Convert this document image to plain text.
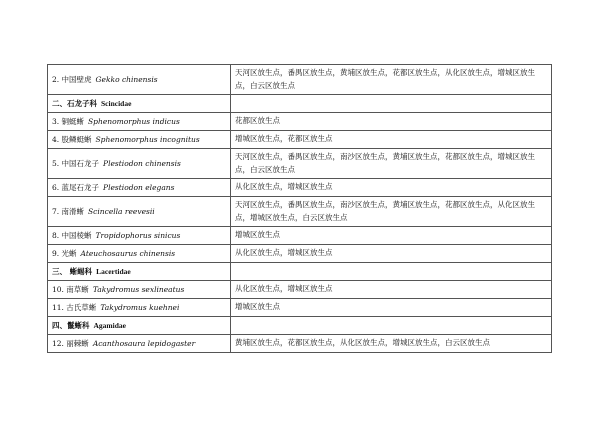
2. 中国壁虎 Gekko chinensis	天河区放生点，番禺区放生点，黄埔区放生点，花都区放生点，从化区放生点，增城区放生点，白云区放生点
二、石龙子科 Scincidae	
3. 铜蜓蜥 Sphenomorphus indicus	花都区放生点
4. 股鳞蜓蜥 Sphenomorphus incognitus	增城区放生点，花都区放生点
5. 中国石龙子 Plestiodon chinensis	天河区放生点，番禺区放生点，南沙区放生点，黄埔区放生点，花都区放生点，增城区放生点，白云区放生点
6. 蓝尾石龙子 Plestiodon elegans	从化区放生点，增城区放生点
7. 南滑蜥 Scincella reevesii	天河区放生点，番禺区放生点，南沙区放生点，黄埔区放生点，花都区放生点，从化区放生点，增城区放生点，白云区放生点
8. 中国棱蜥 Tropidophorus sinicus	增城区放生点
9. 光蜥 Ateuchosaurus chinensis	从化区放生点，增城区放生点
三、 蜥蜴科 Lacertidae	
10. 南草蜥 Takydromus sexlineatus	从化区放生点，增城区放生点
11. 古氏草蜥 Takydromus kuehnei	增城区放生点
四、鬣蜥科 Agamidae	
12. 丽棘蜥 Acanthosaura lepidogaster	黄埔区放生点，花都区放生点，从化区放生点，增城区放生点，白云区放生点
